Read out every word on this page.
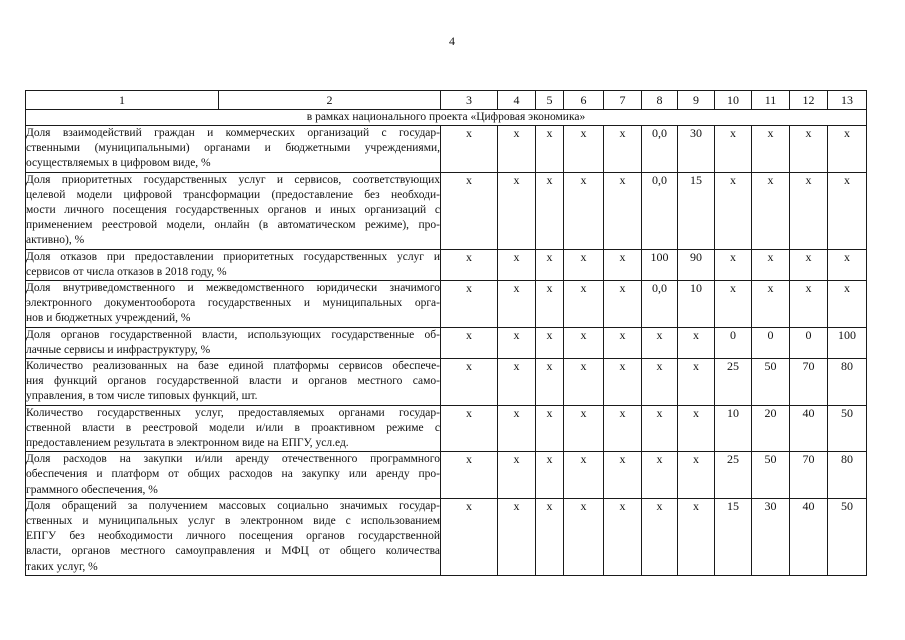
4
1	2	3	4	5	6	7	8	9	10	11	12	13
в рамках национального проекта «Цифровая экономика»												

Доля взаимодействий граждан и коммерческих организаций с государ-
ственными (муниципальными) органами и бюджетными учреждениями,
осуществляемых в цифровом виде, %		x	x	x	x	x	0,0	30	x	x	x	x

Доля приоритетных государственных услуг и сервисов, соответствующих
целевой модели цифровой трансформации (предоставление без необходи-
мости личного посещения государственных органов и иных организаций с
применением реестровой модели, онлайн (в автоматическом режиме), про-
активно), %		x	x	x	x	x	0,0	15	x	x	x	x

Доля отказов при предоставлении приоритетных государственных услуг и
сервисов от числа отказов в 2018 году, %		x	x	x	x	x	100	90	x	x	x	x

Доля внутриведомственного и межведомственного юридически значимого
электронного документооборота государственных и муниципальных орга-
нов и бюджетных учреждений, %		x	x	x	x	x	0,0	10	x	x	x	x

Доля органов государственной власти, использующих государственные об-
лачные сервисы и инфраструктуру, %		x	x	x	x	x	x	x	0	0	0	100

Количество реализованных на базе единой платформы сервисов обеспече-
ния функций органов государственной власти и органов местного само-
управления, в том числе типовых функций, шт.		x	x	x	x	x	x	x	25	50	70	80

Количество государственных услуг, предоставляемых органами государ-
ственной власти в реестровой модели и/или в проактивном режиме с
предоставлением результата в электронном виде на ЕПГУ, усл.ед.		x	x	x	x	x	x	x	10	20	40	50

Доля расходов на закупки и/или аренду отечественного программного
обеспечения и платформ от общих расходов на закупку или аренду про-
граммного обеспечения, %		x	x	x	x	x	x	x	25	50	70	80

Доля обращений за получением массовых социально значимых государ-
ственных и муниципальных услуг в электронном виде с использованием
ЕПГУ без необходимости личного посещения органов государственной
власти, органов местного самоуправления и МФЦ от общего количества
таких услуг, %		x	x	x	x	x	x	x	15	30	40	50
